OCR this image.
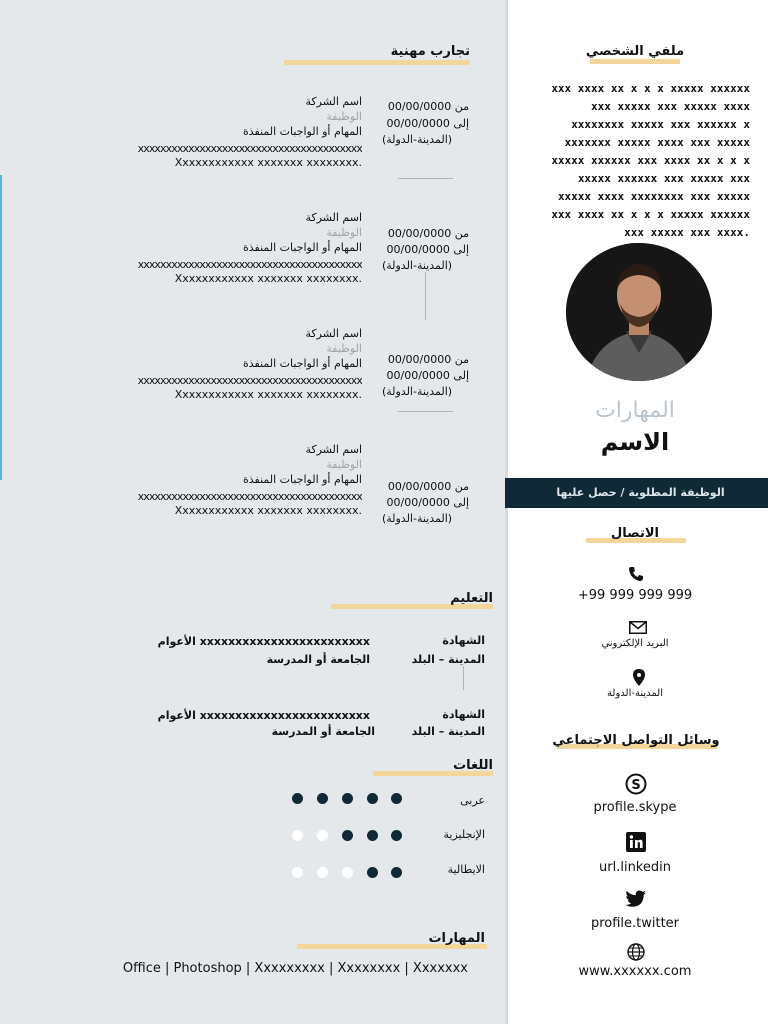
ملفي الشخصي
xxx xxxx xx x x x xxxxx xxxxxx
xxx xxxxx xxx xxxxx xxxx
xxxxxxxx xxxxx xxx xxxxxx x
xxxxxxx xxxxx xxxx xxx xxxxx
xxxxx xxxxxx xxx xxxx xx x x x
xxxxx xxxxxx xxx xxxxx xxx
xxxxx xxxx xxxxxxxx xxx xxxxx
xxx xxxx xx x x x xxxxx xxxxxx
xxx xxxxx xxx xxxx.
المهارات
الاسم
الوظيفة المطلوبة / حصل عليها
الاتصال
+99 999 999 999
البريد الإلكتروني
المدينة-الدولة
وسائل التواصل الاجتماعي
S
profile.skype
url.linkedin
profile.twitter
www.xxxxxx.com
تجارب مهنية
اسم الشركة
الوظيفة
المهام أو الواجبات المنفذة
xxxxxxxxxxxxxxxxxxxxxxxxxxxxxxxxxxxxxxxx
Xxxxxxxxxxxx xxxxxxx xxxxxxxx.
من 00/00/0000
إلى 00/00/0000
(المدينة-الدولة)
اسم الشركة
الوظيفة
المهام أو الواجبات المنفذة
xxxxxxxxxxxxxxxxxxxxxxxxxxxxxxxxxxxxxxxx
Xxxxxxxxxxxx xxxxxxx xxxxxxxx.
من 00/00/0000
إلى 00/00/0000
(المدينة-الدولة)
اسم الشركة
الوظيفة
المهام أو الواجبات المنفذة
xxxxxxxxxxxxxxxxxxxxxxxxxxxxxxxxxxxxxxxx
Xxxxxxxxxxxx xxxxxxx xxxxxxxx.
من 00/00/0000
إلى 00/00/0000
(المدينة-الدولة)
اسم الشركة
الوظيفة
المهام أو الواجبات المنفذة
xxxxxxxxxxxxxxxxxxxxxxxxxxxxxxxxxxxxxxxx
Xxxxxxxxxxxx xxxxxxx xxxxxxxx.
من 00/00/0000
إلى 00/00/0000
(المدينة-الدولة)
التعليم
الشهادة
المدينة – البلد
xxxxxxxxxxxxxxxxxxxxxxxx الأعوام
الجامعة أو المدرسة
الشهادة
المدينة – البلد
xxxxxxxxxxxxxxxxxxxxxxxx الأعوام
الجامعة أو المدرسة
اللغات
عربى
الإنجليزية
الايطالية
المهارات
Office | Photoshop | Xxxxxxxxx | Xxxxxxxx | Xxxxxxx
